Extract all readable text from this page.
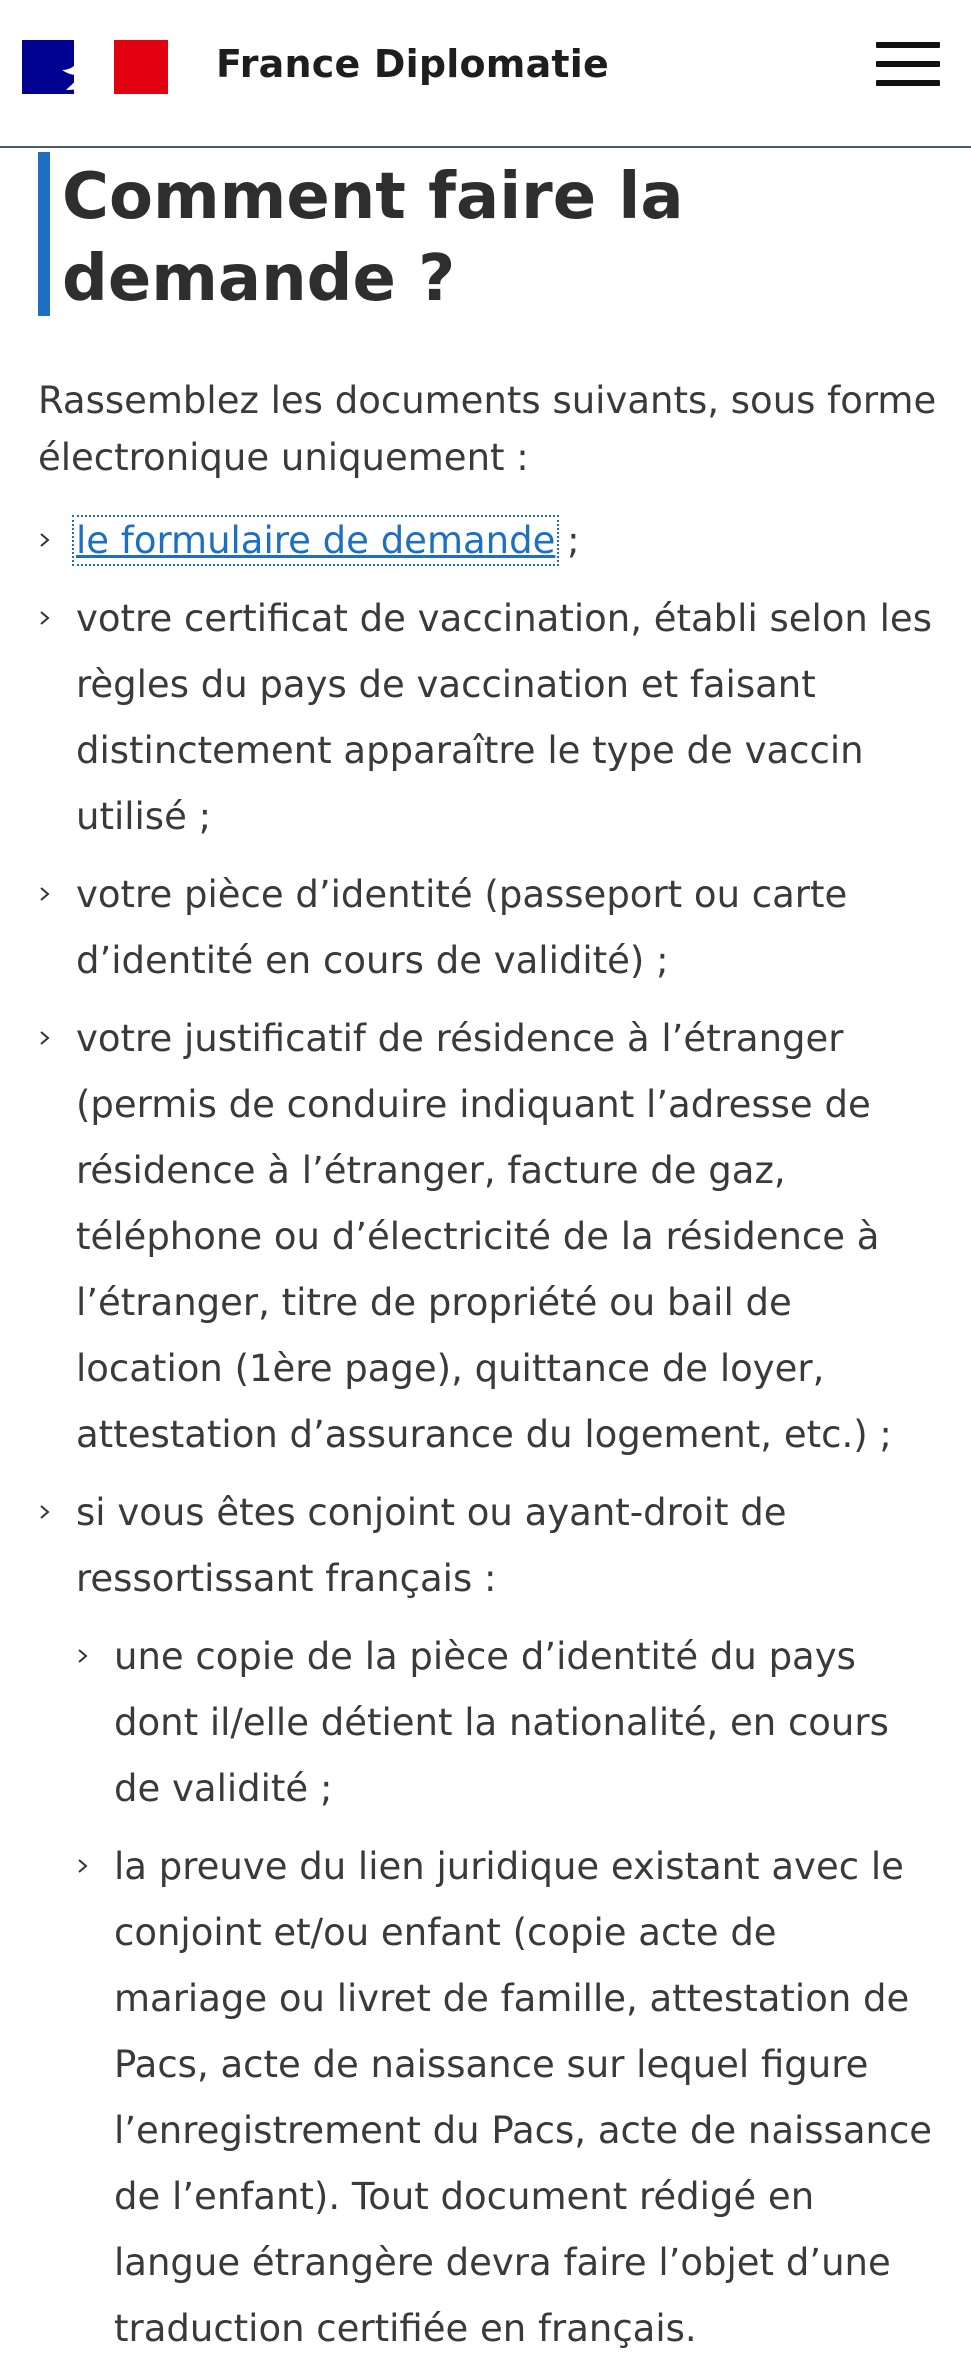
France Diplomatie
Comment faire la demande ?

Rassemblez les documents suivants, sous forme électronique uniquement :

le formulaire de demande ;
votre certificat de vaccination, établi selon les règles du pays de vaccination et faisant distinctement apparaître le type de vaccin utilisé ;
votre pièce d’identité (passeport ou carte d’identité en cours de validité) ;
votre justificatif de résidence à l’étranger (permis de conduire indiquant l’adresse de résidence à l’étranger, facture de gaz, téléphone ou d’électricité de la résidence à l’étranger, titre de propriété ou bail de location (1ère page), quittance de loyer, attestation d’assurance du logement, etc.) ;
si vous êtes conjoint ou ayant-droit de ressortissant français :
une copie de la pièce d’identité du pays dont il/elle détient la nationalité, en cours de validité ;
la preuve du lien juridique existant avec le conjoint et/ou enfant (copie acte de mariage ou livret de famille, attestation de Pacs, acte de naissance sur lequel figure l’enregistrement du Pacs, acte de naissance de l’enfant). Tout document rédigé en langue étrangère devra faire l’objet d’une traduction certifiée en français.
